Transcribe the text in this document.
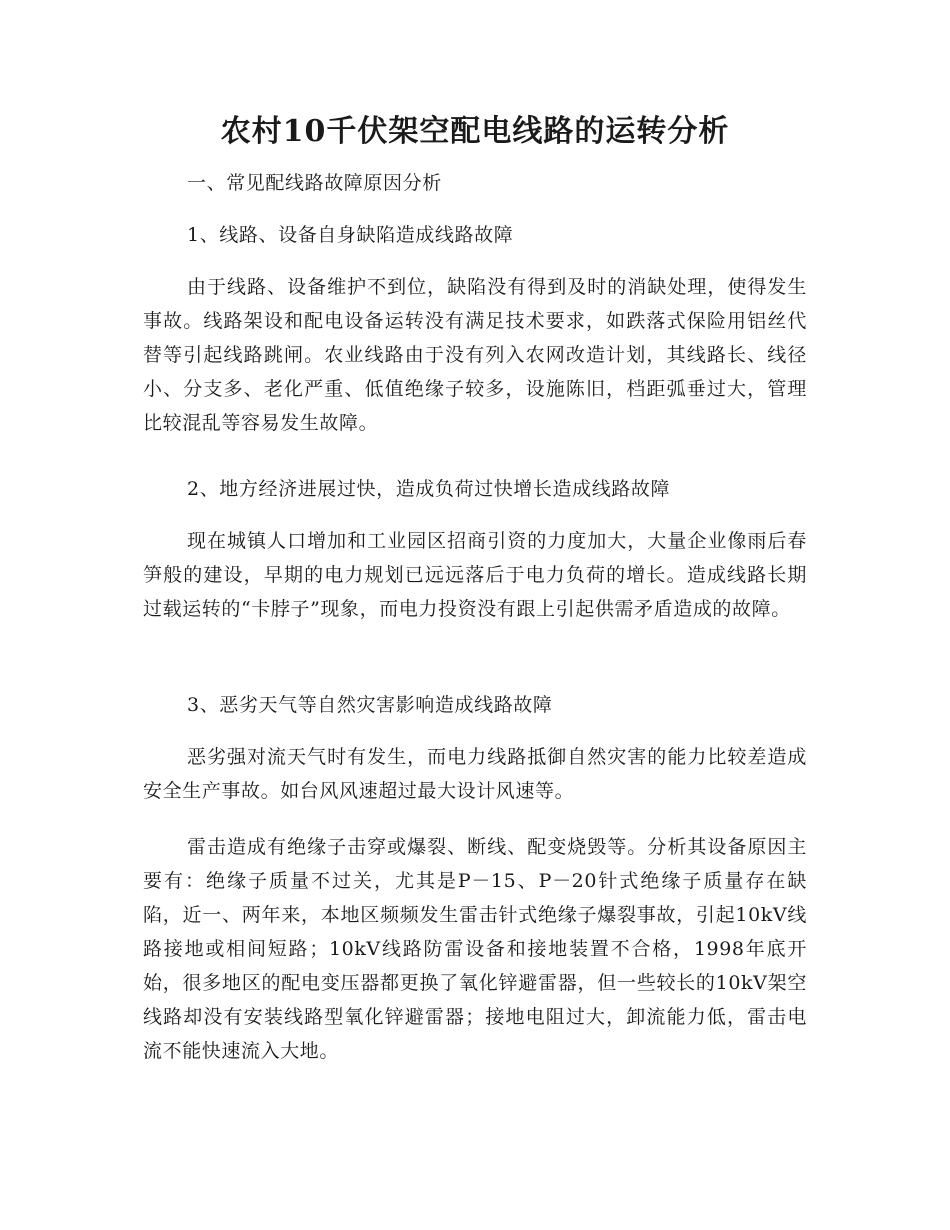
农村10千伏架空配电线路的运转分析

一、常见配线路故障原因分析

1、线路、设备自身缺陷造成线路故障

由于线路、设备维护不到位，缺陷没有得到及时的消缺处理，使得发生事故。线路架设和配电设备运转没有满足技术要求，如跌落式保险用铝丝代替等引起线路跳闸。农业线路由于没有列入农网改造计划，其线路长、线径小、分支多、老化严重、低值绝缘子较多，设施陈旧，档距弧垂过大，管理比较混乱等容易发生故障。

2、地方经济进展过快，造成负荷过快增长造成线路故障

现在城镇人口增加和工业园区招商引资的力度加大，大量企业像雨后春笋般的建设，早期的电力规划已远远落后于电力负荷的增长。造成线路长期过载运转的“卡脖子”现象，而电力投资没有跟上引起供需矛盾造成的故障。

3、恶劣天气等自然灾害影响造成线路故障

恶劣强对流天气时有发生，而电力线路抵御自然灾害的能力比较差造成安全生产事故。如台风风速超过最大设计风速等。

雷击造成有绝缘子击穿或爆裂、断线、配变烧毁等。分析其设备原因主要有：绝缘子质量不过关，尤其是P－15、P－20针式绝缘子质量存在缺陷，近一、两年来，本地区频频发生雷击针式绝缘子爆裂事故，引起10kV线路接地或相间短路；10kV线路防雷设备和接地装置不合格，1998年底开始，很多地区的配电变压器都更换了氧化锌避雷器，但一些较长的10kV架空线路却没有安装线路型氧化锌避雷器；接地电阻过大，卸流能力低，雷击电流不能快速流入大地。
